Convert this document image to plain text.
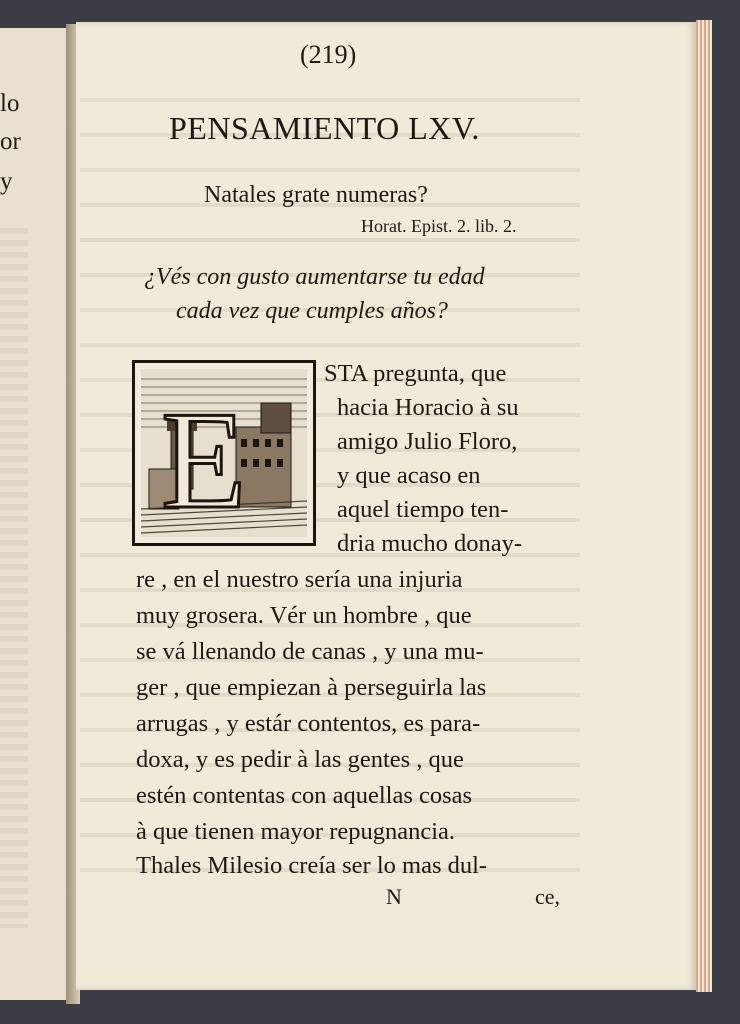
lo
or
y
(219)
PENSAMIENTO LXV.
Natales grate numeras?
Horat. Epist. 2. lib. 2.
¿Vés con gusto aumentarse tu edad
cada vez que cumples años?
E
STA pregunta, que
hacia Horacio à su
amigo Julio Floro,
y que acaso en
aquel tiempo ten-
dria mucho donay-
re , en el nuestro sería una injuria
muy grosera. Vér un hombre , que
se vá llenando de canas , y una mu-
ger , que empiezan à perseguirla las
arrugas , y estár contentos, es para-
doxa, y es pedir à las gentes , que
estén contentas con aquellas cosas
à que tienen mayor repugnancia.
Thales Milesio creía ser lo mas dul-
N	ce,
